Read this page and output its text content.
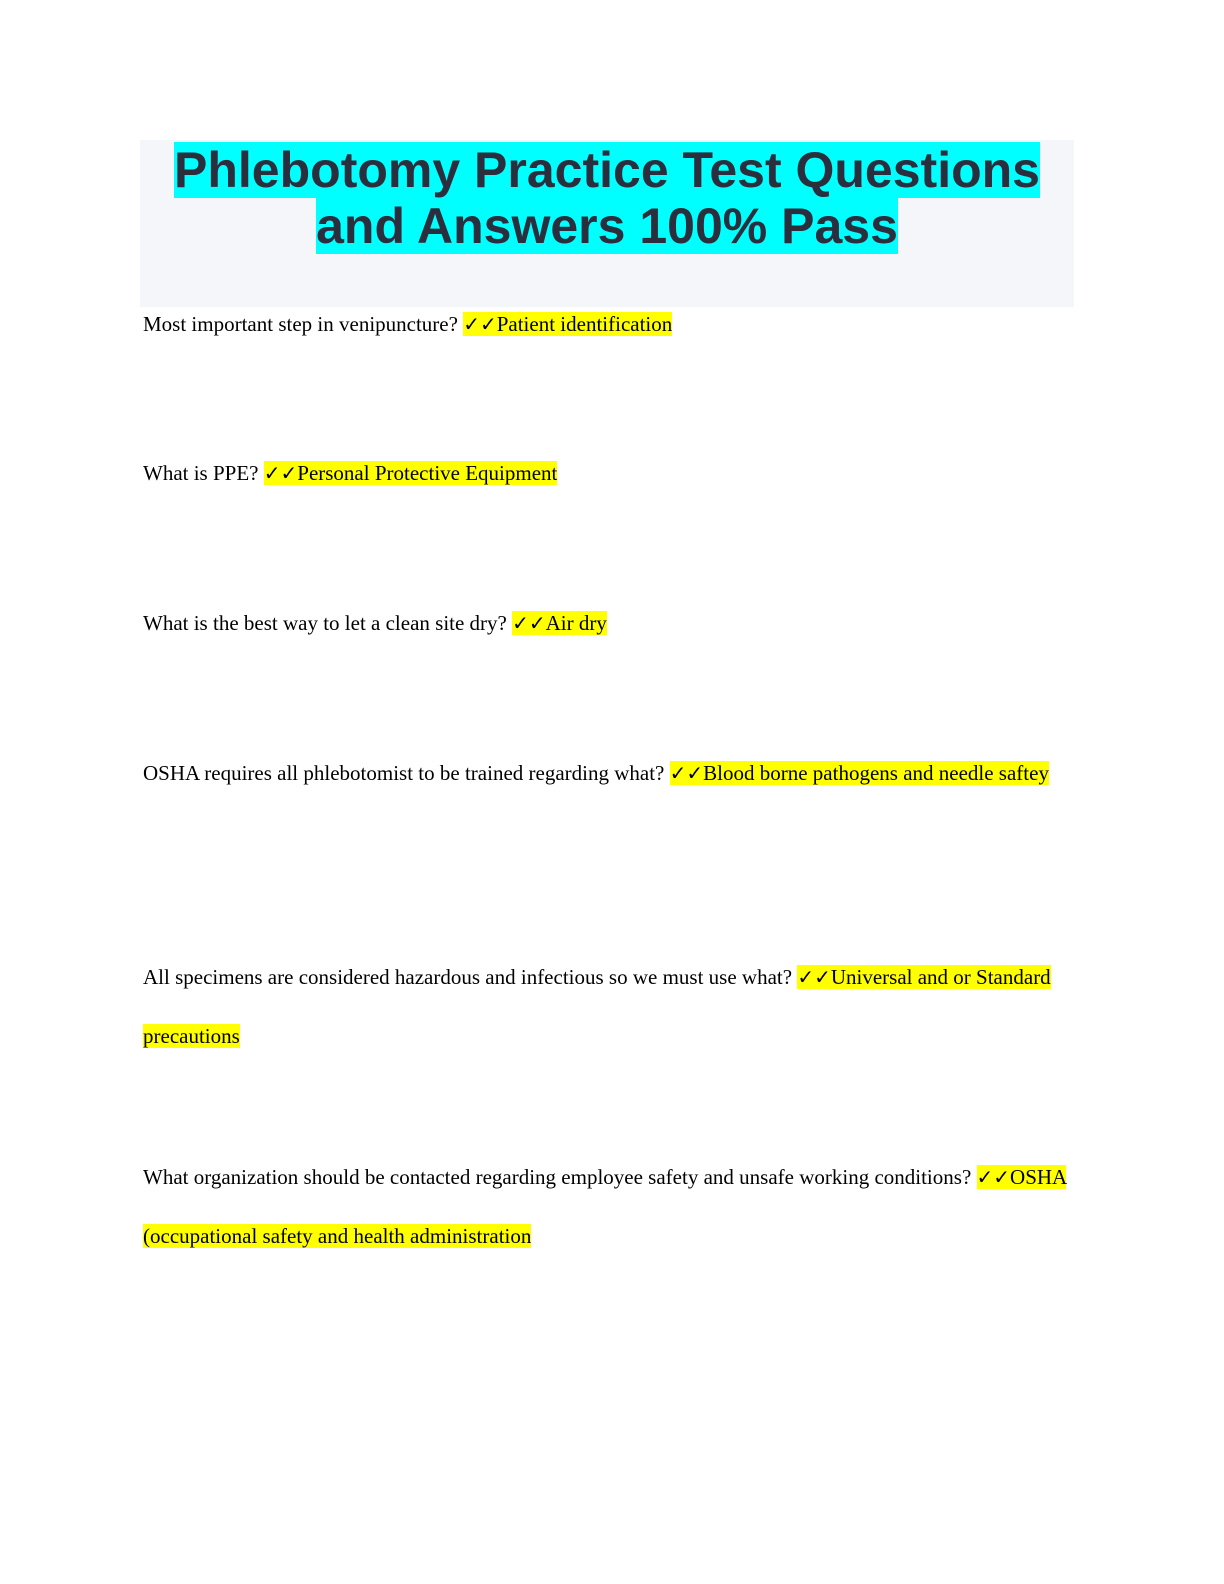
Phlebotomy Practice Test Questions and Answers 100% Pass

Most important step in venipuncture? ✓✓Patient identification

What is PPE? ✓✓Personal Protective Equipment

What is the best way to let a clean site dry? ✓✓Air dry

OSHA requires all phlebotomist to be trained regarding what? ✓✓Blood borne pathogens and needle saftey

All specimens are considered hazardous and infectious so we must use what? ✓✓Universal and or Standard precautions

What organization should be contacted regarding employee safety and unsafe working conditions? ✓✓OSHA (occupational safety and health administration
